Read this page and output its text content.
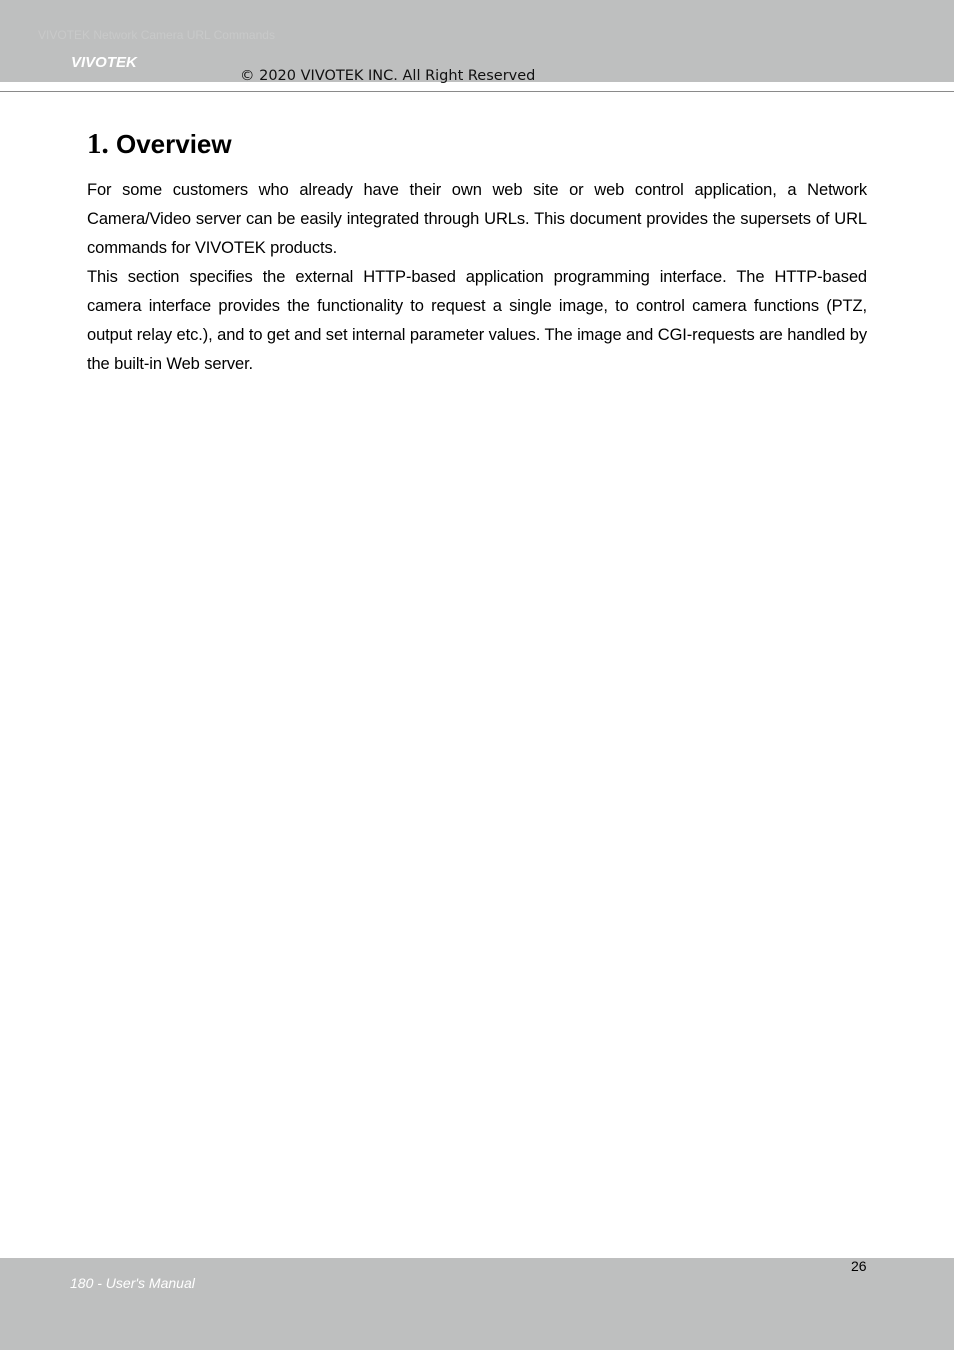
VIVOTEK Network Camera URL Commands
VIVOTEK
© 2020 VIVOTEK INC. All Right Reserved
1. Overview

For some customers who already have their own web site or web control application, a Network Camera/Video server can be easily integrated through URLs. This document provides the supersets of URL commands for VIVOTEK products.

This section specifies the external HTTP-based application programming interface. The HTTP-based camera interface provides the functionality to request a single image, to control camera functions (PTZ, output relay etc.), and to get and set internal parameter values. The image and CGI-requests are handled by the built-in Web server.

180 - User's Manual
26
